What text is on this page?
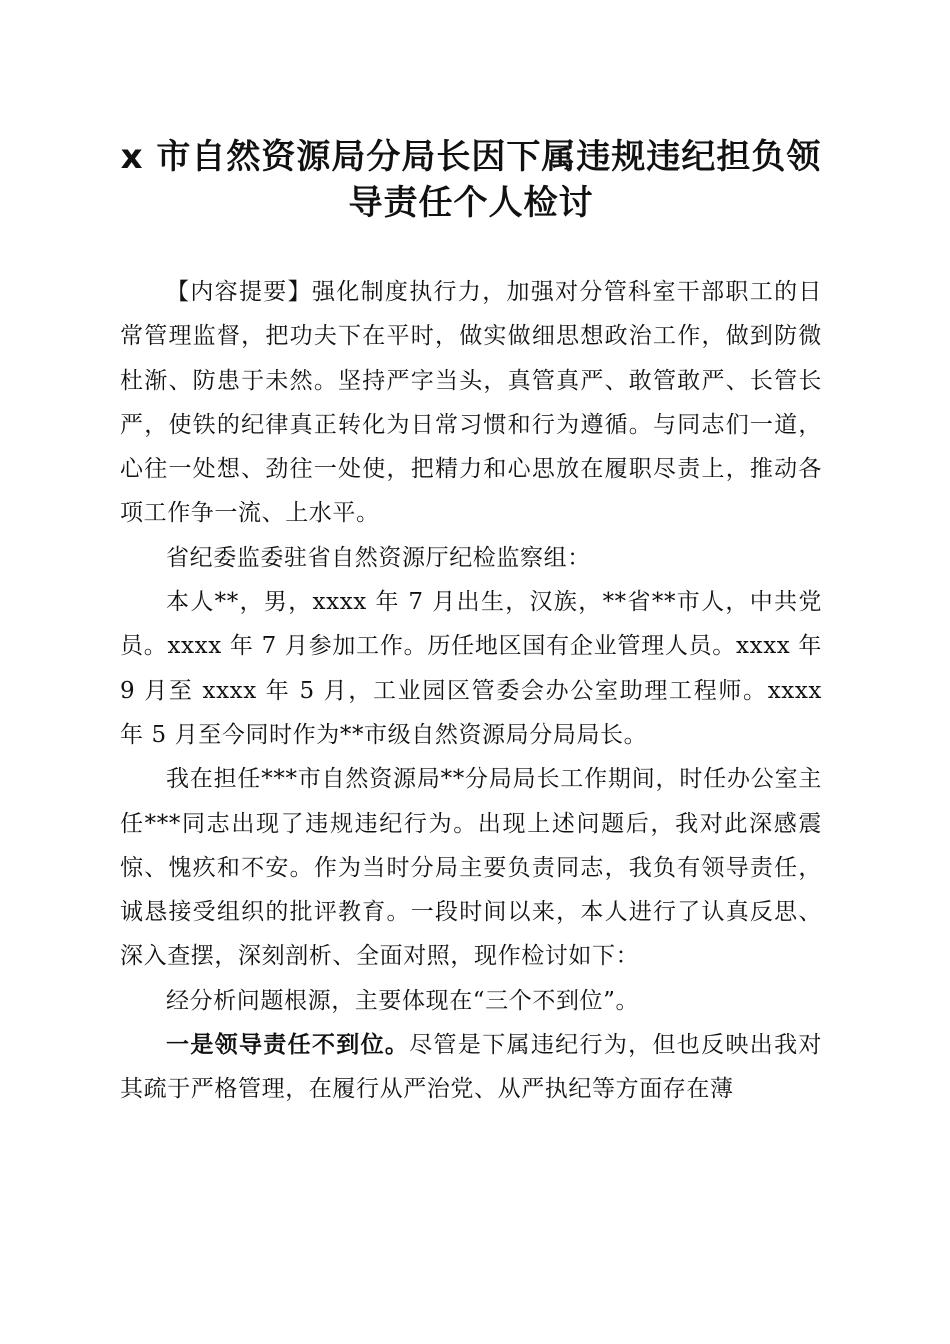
x 市自然资源局分局长因下属违规违纪担负领
导责任个人检讨

【内容提要】强化制度执行力，加强对分管科室干部职工的日常管理监督，把功夫下在平时，做实做细思想政治工作，做到防微杜渐、防患于未然。坚持严字当头，真管真严、敢管敢严、长管长严，使铁的纪律真正转化为日常习惯和行为遵循。与同志们一道，心往一处想、劲往一处使，把精力和心思放在履职尽责上，推动各项工作争一流、上水平。

省纪委监委驻省自然资源厅纪检监察组：

本人**，男，xxxx 年 7 月出生，汉族，**省**市人，中共党员。xxxx 年 7 月参加工作。历任地区国有企业管理人员。xxxx 年 9 月至 xxxx 年 5 月，工业园区管委会办公室助理工程师。xxxx 年 5 月至今同时作为**市级自然资源局分局局长。

我在担任***市自然资源局**分局局长工作期间，时任办公室主任***同志出现了违规违纪行为。出现上述问题后，我对此深感震惊、愧疚和不安。作为当时分局主要负责同志，我负有领导责任，诚恳接受组织的批评教育。一段时间以来，本人进行了认真反思、深入查摆，深刻剖析、全面对照，现作检讨如下：

经分析问题根源，主要体现在“三个不到位”。

一是领导责任不到位。尽管是下属违纪行为，但也反映出我对其疏于严格管理，在履行从严治党、从严执纪等方面存在薄
